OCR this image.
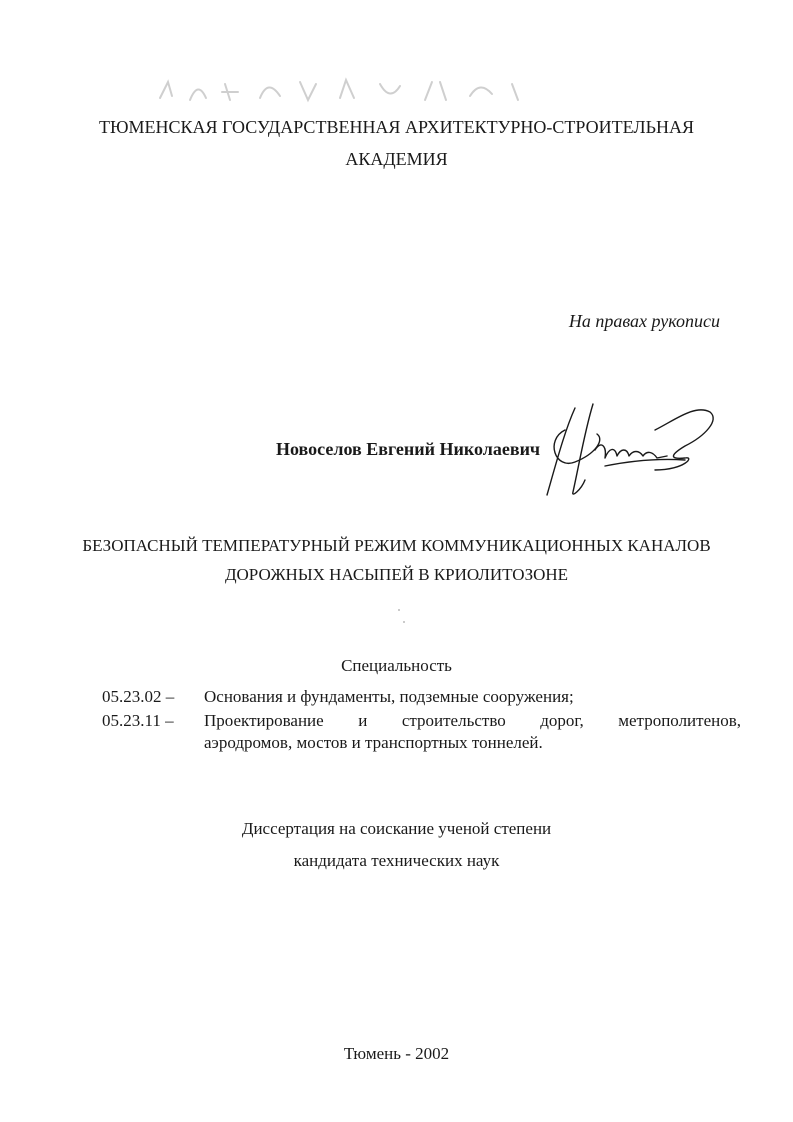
ТЮМЕНСКАЯ ГОСУДАРСТВЕННАЯ АРХИТЕКТУРНО-СТРОИТЕЛЬНАЯ
АКАДЕМИЯ
На правах рукописи
Новоселов Евгений Николаевич
БЕЗОПАСНЫЙ ТЕМПЕРАТУРНЫЙ РЕЖИМ КОММУНИКАЦИОННЫХ КАНАЛОВ
ДОРОЖНЫХ НАСЫПЕЙ В КРИОЛИТОЗОНЕ
Специальность
05.23.02 –	Основания и фундаменты, подземные сооружения;
05.23.11 –	Проектирование и строительство дорог, метрополитенов,
аэродромов, мостов и транспортных тоннелей.
Диссертация на соискание ученой степени
кандидата технических наук
Тюмень - 2002
